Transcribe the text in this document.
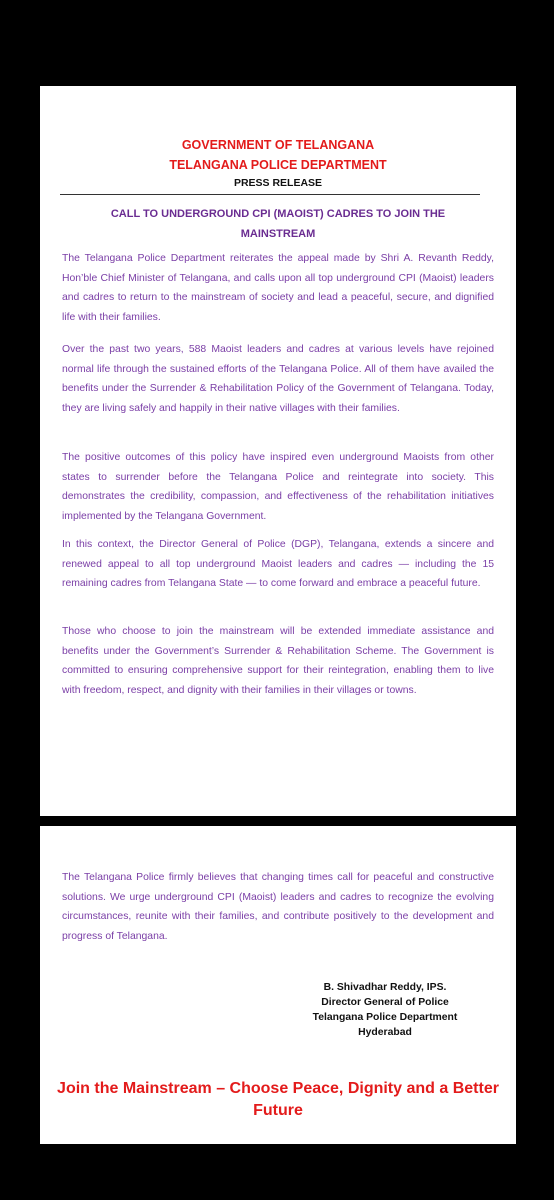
GOVERNMENT OF TELANGANA
TELANGANA POLICE DEPARTMENT
PRESS RELEASE
CALL TO UNDERGROUND CPI (MAOIST) CADRES TO JOIN THE MAINSTREAM

The Telangana Police Department reiterates the appeal made by Shri A. Revanth Reddy, Hon’ble Chief Minister of Telangana, and calls upon all top underground CPI (Maoist) leaders and cadres to return to the mainstream of society and lead a peaceful, secure, and dignified life with their families.

Over the past two years, 588 Maoist leaders and cadres at various levels have rejoined normal life through the sustained efforts of the Telangana Police. All of them have availed the benefits under the Surrender & Rehabilitation Policy of the Government of Telangana. Today, they are living safely and happily in their native villages with their families.

The positive outcomes of this policy have inspired even underground Maoists from other states to surrender before the Telangana Police and reintegrate into society. This demonstrates the credibility, compassion, and effectiveness of the rehabilitation initiatives implemented by the Telangana Government.

In this context, the Director General of Police (DGP), Telangana, extends a sincere and renewed appeal to all top underground Maoist leaders and cadres — including the 15 remaining cadres from Telangana State — to come forward and embrace a peaceful future.

Those who choose to join the mainstream will be extended immediate assistance and benefits under the Government’s Surrender & Rehabilitation Scheme. The Government is committed to ensuring comprehensive support for their reintegration, enabling them to live with freedom, respect, and dignity with their families in their villages or towns.

The Telangana Police firmly believes that changing times call for peaceful and constructive solutions. We urge underground CPI (Maoist) leaders and cadres to recognize the evolving circumstances, reunite with their families, and contribute positively to the development and progress of Telangana.

B. Shivadhar Reddy, IPS.
Director General of Police
Telangana Police Department
Hyderabad
Join the Mainstream – Choose Peace, Dignity and a Better Future
